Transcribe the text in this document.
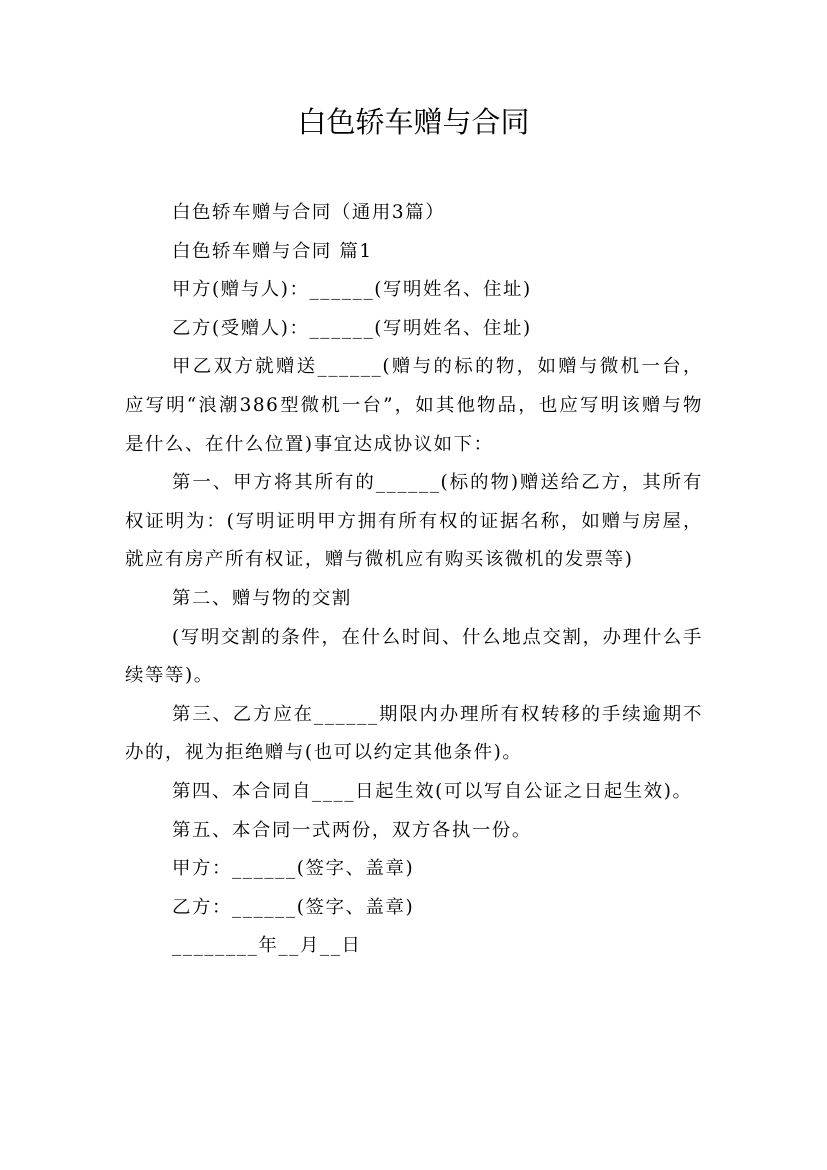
白色轿车赠与合同

白色轿车赠与合同（通用3篇）

白色轿车赠与合同 篇1

甲方(赠与人)：______(写明姓名、住址)

乙方(受赠人)：______(写明姓名、住址)

甲乙双方就赠送______(赠与的标的物，如赠与微机一台，应写明“浪潮386型微机一台”，如其他物品，也应写明该赠与物是什么、在什么位置)事宜达成协议如下：

第一、甲方将其所有的______(标的物)赠送给乙方，其所有权证明为：(写明证明甲方拥有所有权的证据名称，如赠与房屋，就应有房产所有权证，赠与微机应有购买该微机的发票等)

第二、赠与物的交割

(写明交割的条件，在什么时间、什么地点交割，办理什么手续等等)。

第三、乙方应在______期限内办理所有权转移的手续逾期不办的，视为拒绝赠与(也可以约定其他条件)。

第四、本合同自____日起生效(可以写自公证之日起生效)。

第五、本合同一式两份，双方各执一份。

甲方：______(签字、盖章)

乙方：______(签字、盖章)

________年__月__日
